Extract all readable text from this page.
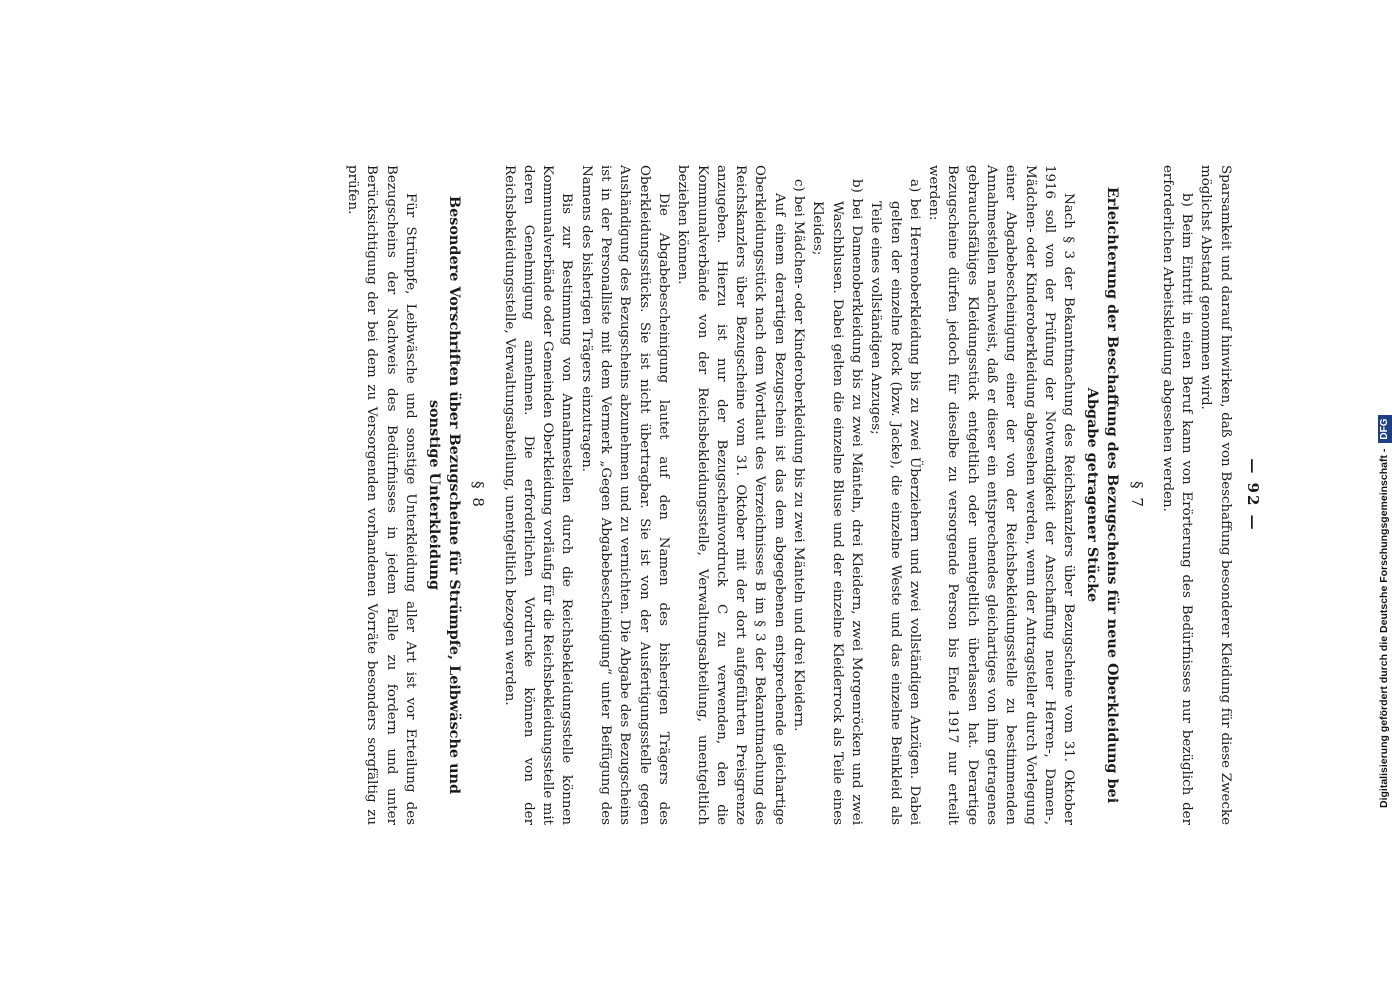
— 92 —

Sparsamkeit und darauf hinwirken, daß von Beschaffung besonderer Kleidung für diese Zwecke möglichst Abstand genommen wird.

b) Beim Eintritt in einen Beruf kann von Erörterung des Bedürfnisses nur bezüglich der erforderlichen Arbeitskleidung abgesehen werden.

§ 7
Erleichterung der Beschaffung des Bezugscheins für neue Oberkleidung bei Abgabe getragener Stücke

Nach § 3 der Bekanntmachung des Reichskanzlers über Bezugscheine vom 31. Oktober 1916 soll von der Prüfung der Notwendigkeit der Anschaffung neuer Herren-, Damen-, Mädchen- oder Kinderoberkleidung abgesehen werden, wenn der Antragsteller durch Vorlegung einer Abgabebescheinigung einer der von der Reichsbekleidungsstelle zu bestimmenden Annahmestellen nachweist, daß er dieser ein entsprechendes gleichartiges von ihm getragenes gebrauchsfähiges Kleidungsstück entgeltlich oder unentgeltlich überlassen hat. Derartige Bezugscheine dürfen jedoch für dieselbe zu versorgende Person bis Ende 1917 nur erteilt werden:

a) bei Herrenoberkleidung bis zu zwei Überziehern und zwei vollständigen Anzügen. Dabei gelten der einzelne Rock (bzw. Jacke), die einzelne Weste und das einzelne Beinkleid als Teile eines vollständigen Anzuges;

b) bei Damenoberkleidung bis zu zwei Mänteln, drei Kleidern, zwei Morgenröcken und zwei Waschblusen. Dabei gelten die einzelne Bluse und der einzelne Kleiderrock als Teile eines Kleides;

c) bei Mädchen- oder Kinderoberkleidung bis zu zwei Mänteln und drei Kleidern.

Auf einem derartigen Bezugschein ist das dem abgegebenen entsprechende gleichartige Oberkleidungsstück nach dem Wortlaut des Verzeichnisses B im § 3 der Bekanntmachung des Reichskanzlers über Bezugscheine vom 31. Oktober mit der dort aufgeführten Preisgrenze anzugeben. Hierzu ist nur der Bezugscheinvordruck C zu verwenden, den die Kommunalverbände von der Reichsbekleidungsstelle, Verwaltungsabteilung, unentgeltlich beziehen können.

Die Abgabebescheinigung lautet auf den Namen des bisherigen Trägers des Oberkleidungsstücks. Sie ist nicht übertragbar. Sie ist von der Ausfertigungsstelle gegen Aushändigung des Bezugscheins abzunehmen und zu vernichten. Die Abgabe des Bezugscheins ist in der Personalliste mit dem Vermerk „Gegen Abgabebescheinigung“ unter Beifügung des Namens des bisherigen Trägers einzutragen.

Bis zur Bestimmung von Annahmestellen durch die Reichsbekleidungsstelle können Kommunalverbände oder Gemeinden Oberkleidung vorläufig für die Reichsbekleidungsstelle mit deren Genehmigung annehmen. Die erforderlichen Vordrucke können von der Reichsbekleidungsstelle, Verwaltungsabteilung, unentgeltlich bezogen werden.

§ 8
Besondere Vorschriften über Bezugscheine für Strümpfe, Leibwäsche und sonstige Unterkleidung

Für Strümpfe, Leibwäsche und sonstige Unterkleidung aller Art ist vor Erteilung des Bezugscheins der Nachweis des Bedürfnisses in jedem Falle zu fordern und unter Berücksichtigung der bei dem zu Versorgenden vorhandenen Vorräte besonders sorgfältig zu prüfen.

Digitalisierung gefördert durch die Deutsche Forschungsgemeinschaft -DFG
